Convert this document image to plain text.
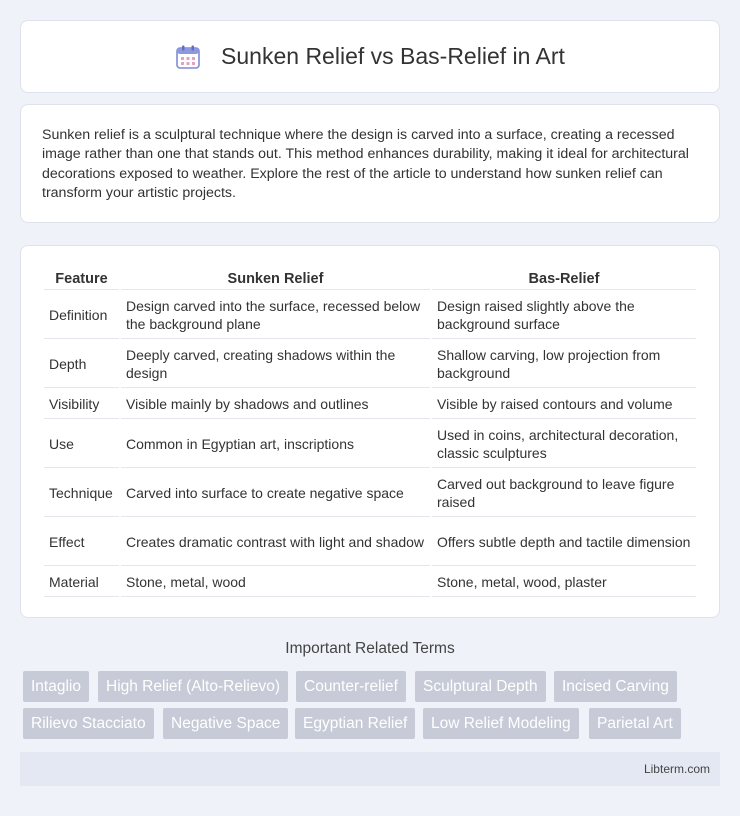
Sunken Relief vs Bas-Relief in Art

Sunken relief is a sculptural technique where the design is carved into a surface, creating a recessed image rather than one that stands out. This method enhances durability, making it ideal for architectural decorations exposed to weather. Explore the rest of the article to understand how sunken relief can transform your artistic projects.

Feature	Sunken Relief	Bas-Relief
Definition	Design carved into the surface, recessed below the background plane	Design raised slightly above the background surface
Depth	Deeply carved, creating shadows within the design	Shallow carving, low projection from background
Visibility	Visible mainly by shadows and outlines	Visible by raised contours and volume
Use	Common in Egyptian art, inscriptions	Used in coins, architectural decoration, classic sculptures
Technique	Carved into surface to create negative space	Carved out background to leave figure raised
Effect	Creates dramatic contrast with light and shadow	Offers subtle depth and tactile dimension
Material	Stone, metal, wood	Stone, metal, wood, plaster
Important Related Terms
Intaglio	High Relief (Alto-Relievo)	Counter-relief	Sculptural Depth	Incised Carving
Rilievo Stacciato	Negative Space	Egyptian Relief	Low Relief Modeling	Parietal Art
Libterm.com
